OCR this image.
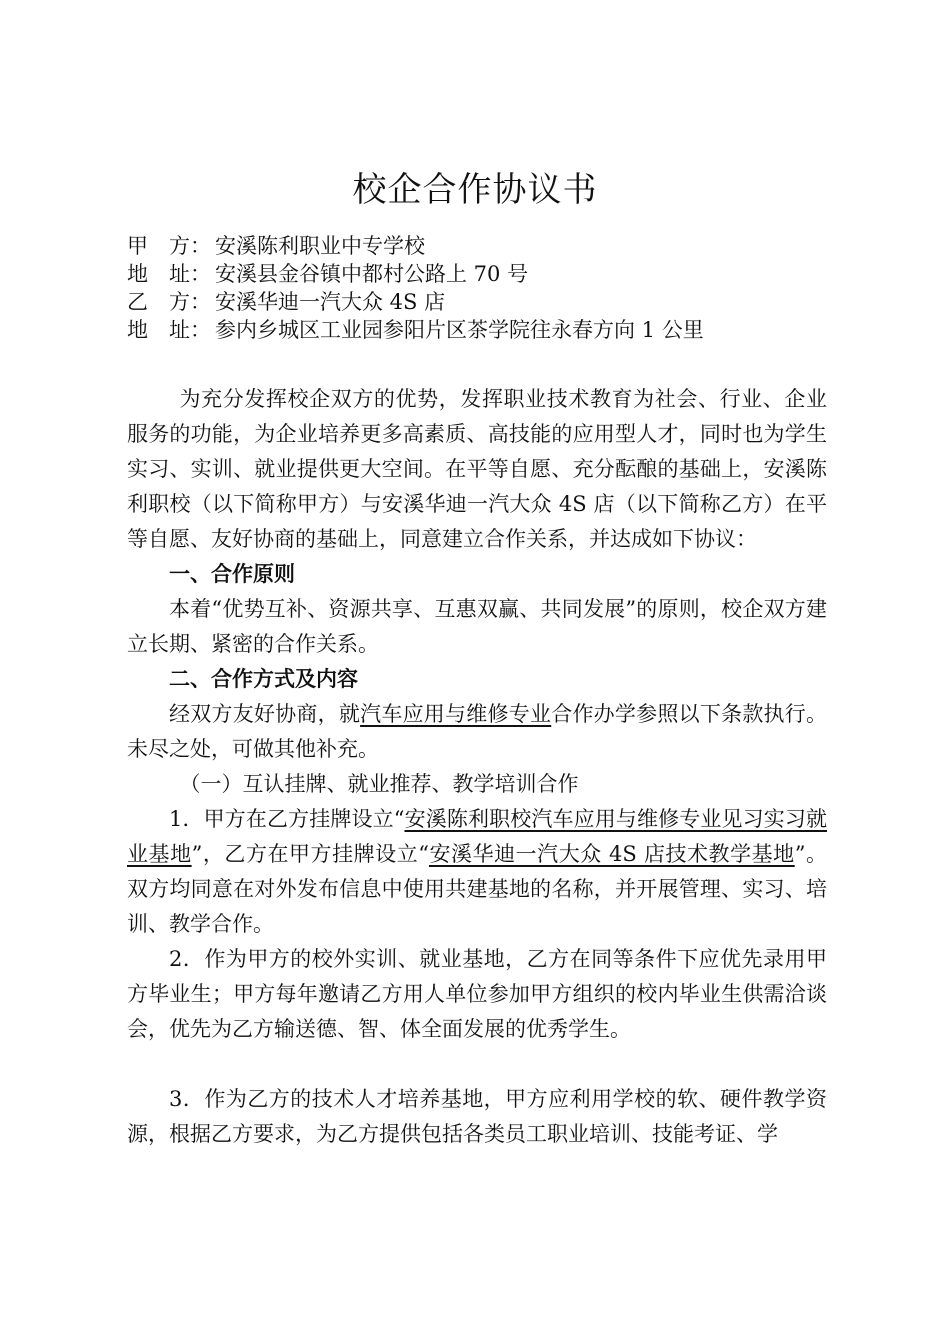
校企合作协议书
甲　方： 安溪陈利职业中专学校
地　址： 安溪县金谷镇中都村公路上 70 号
乙　方： 安溪华迪一汽大众 4S 店
地　址： 参内乡城区工业园参阳片区茶学院往永春方向 1 公里

为充分发挥校企双方的优势，发挥职业技术教育为社会、行业、企业服务的功能，为企业培养更多高素质、高技能的应用型人才，同时也为学生实习、实训、就业提供更大空间。在平等自愿、充分酝酿的基础上，安溪陈利职校（以下简称甲方）与安溪华迪一汽大众 4S 店（以下简称乙方）在平等自愿、友好协商的基础上，同意建立合作关系，并达成如下协议：

一、合作原则

本着“优势互补、资源共享、互惠双赢、共同发展”的原则，校企双方建立长期、紧密的合作关系。

二、合作方式及内容

经双方友好协商，就汽车应用与维修专业合作办学参照以下条款执行。未尽之处，可做其他补充。

（一）互认挂牌、就业推荐、教学培训合作

1．甲方在乙方挂牌设立“安溪陈利职校汽车应用与维修专业见习实习就业基地”，乙方在甲方挂牌设立“安溪华迪一汽大众 4S 店技术教学基地”。双方均同意在对外发布信息中使用共建基地的名称，并开展管理、实习、培训、教学合作。

2．作为甲方的校外实训、就业基地，乙方在同等条件下应优先录用甲方毕业生；甲方每年邀请乙方用人单位参加甲方组织的校内毕业生供需洽谈会，优先为乙方输送德、智、体全面发展的优秀学生。

3．作为乙方的技术人才培养基地，甲方应利用学校的软、硬件教学资源，根据乙方要求，为乙方提供包括各类员工职业培训、技能考证、学
